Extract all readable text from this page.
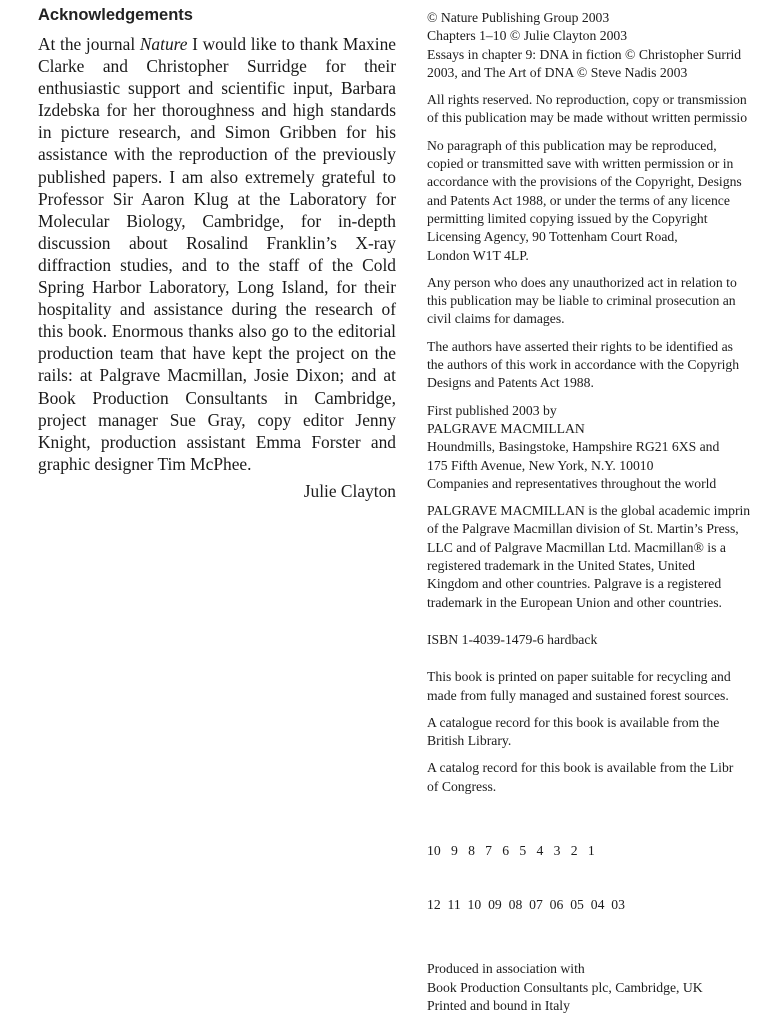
Acknowledgements

At the journal Nature I would like to thank Maxine Clarke and Christopher Surridge for their enthusiastic support and scientific input, Barbara Izdebska for her thoroughness and high standards in picture research, and Simon Gribben for his assistance with the reproduction of the previously published papers. I am also extremely grateful to Professor Sir Aaron Klug at the Laboratory for Molecular Biology, Cambridge, for in-depth discussion about Rosalind Franklin’s X-ray diffraction studies, and to the staff of the Cold Spring Harbor Laboratory, Long Island, for their hospitality and assistance during the research of this book. Enormous thanks also go to the editorial production team that have kept the project on the rails: at Palgrave Macmillan, Josie Dixon; and at Book Production Consultants in Cambridge, project manager Sue Gray, copy editor Jenny Knight, production assistant Emma Forster and graphic designer Tim McPhee.

Julie Clayton

© Nature Publishing Group 2003
Chapters 1–10 © Julie Clayton 2003
Essays in chapter 9: DNA in fiction © Christopher Surrid
2003, and The Art of DNA © Steve Nadis 2003

All rights reserved. No reproduction, copy or transmission
of this publication may be made without written permissio

No paragraph of this publication may be reproduced,
copied or transmitted save with written permission or in
accordance with the provisions of the Copyright, Designs
and Patents Act 1988, or under the terms of any licence
permitting limited copying issued by the Copyright
Licensing Agency, 90 Tottenham Court Road,
London W1T 4LP.

Any person who does any unauthorized act in relation to
this publication may be liable to criminal prosecution an
civil claims for damages.

The authors have asserted their rights to be identified as
the authors of this work in accordance with the Copyrigh
Designs and Patents Act 1988.

First published 2003 by
PALGRAVE MACMILLAN
Houndmills, Basingstoke, Hampshire RG21 6XS and
175 Fifth Avenue, New York, N.Y. 10010
Companies and representatives throughout the world

PALGRAVE MACMILLAN is the global academic imprin
of the Palgrave Macmillan division of St. Martin’s Press,
LLC and of Palgrave Macmillan Ltd. Macmillan® is a
registered trademark in the United States, United
Kingdom and other countries. Palgrave is a registered
trademark in the European Union and other countries.

ISBN 1-4039-1479-6 hardback

This book is printed on paper suitable for recycling and
made from fully managed and sustained forest sources.

A catalogue record for this book is available from the
British Library.

A catalog record for this book is available from the Libr
of Congress.

10   9   8   7   6   5   4   3   2   1

12  11  10  09  08  07  06  05  04  03

Produced in association with
Book Production Consultants plc, Cambridge, UK
Printed and bound in Italy
